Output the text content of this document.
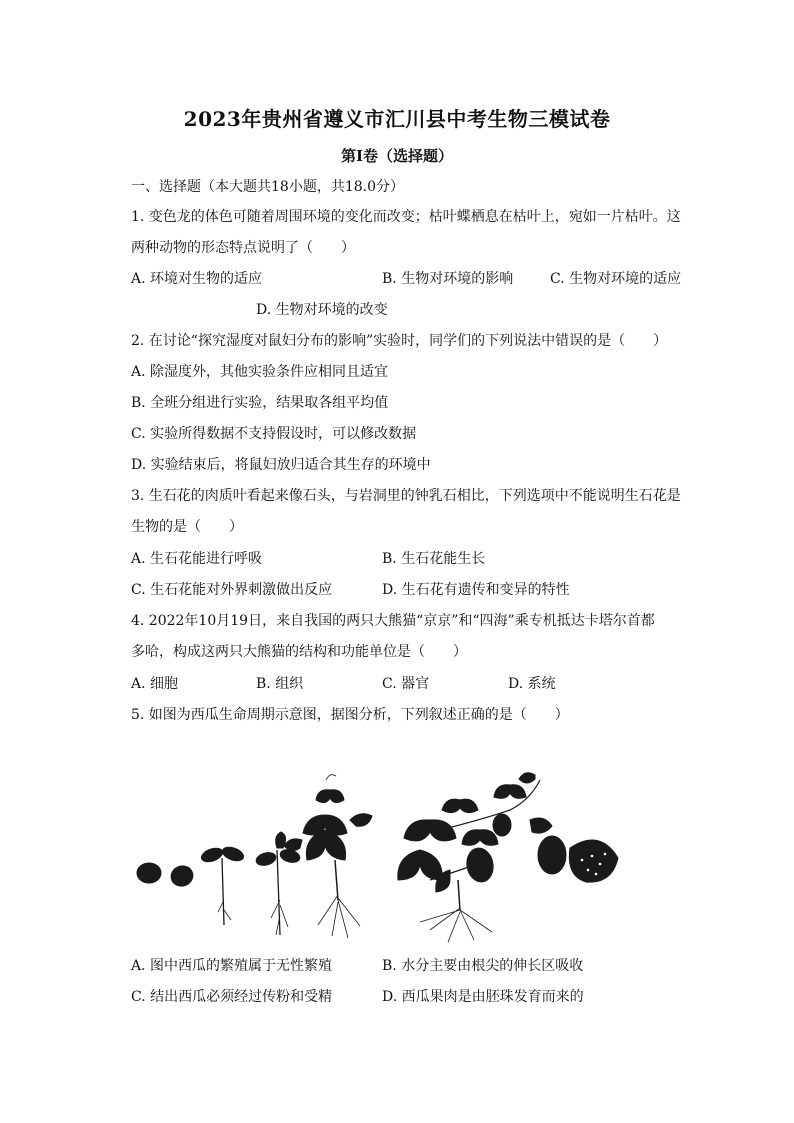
2023年贵州省遵义市汇川县中考生物三模试卷
第I卷（选择题）
一、选择题（本大题共18小题，共18.0分）
1. 变色龙的体色可随着周围环境的变化而改变；枯叶蝶栖息在枯叶上，宛如一片枯叶。这
两种动物的形态特点说明了（　　）
A. 环境对生物的适应	B. 生物对环境的影响	C. 生物对环境的适应
D. 生物对环境的改变
2. 在讨论“探究湿度对鼠妇分布的影响”实验时，同学们的下列说法中错误的是（　　）
A. 除湿度外，其他实验条件应相同且适宜
B. 全班分组进行实验，结果取各组平均值
C. 实验所得数据不支持假设时，可以修改数据
D. 实验结束后，将鼠妇放归适合其生存的环境中
3. 生石花的肉质叶看起来像石头，与岩洞里的钟乳石相比，下列选项中不能说明生石花是
生物的是（　　）
A. 生石花能进行呼吸	B. 生石花能生长
C. 生石花能对外界刺激做出反应	D. 生石花有遗传和变异的特性
4. 2022年10月19日，来自我国的两只大熊猫“京京”和“四海”乘专机抵达卡塔尔首都
多哈，构成这两只大熊猫的结构和功能单位是（　　）
A. 细胞	B. 组织	C. 器官	D. 系统
5. 如图为西瓜生命周期示意图，据图分析，下列叙述正确的是（　　）
A. 图中西瓜的繁殖属于无性繁殖	B. 水分主要由根尖的伸长区吸收
C. 结出西瓜必须经过传粉和受精	D. 西瓜果肉是由胚珠发育而来的
